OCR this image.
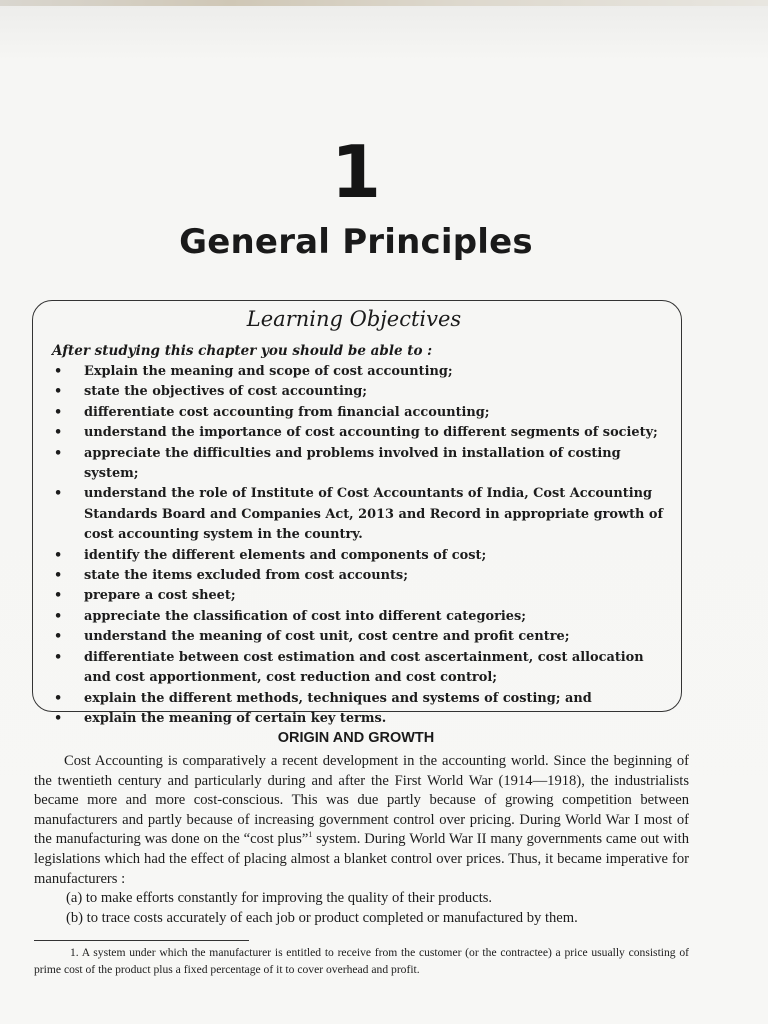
1
General Principles
Learning Objectives
After studying this chapter you should be able to :
• Explain the meaning and scope of cost accounting;
• state the objectives of cost accounting;
• differentiate cost accounting from financial accounting;
• understand the importance of cost accounting to different segments of society;
• appreciate the difficulties and problems involved in installation of costing system;
• understand the role of Institute of Cost Accountants of India, Cost Accounting Standards Board and Companies Act, 2013 and Record in appropriate growth of cost accounting system in the country.
• identify the different elements and components of cost;
• state the items excluded from cost accounts;
• prepare a cost sheet;
• appreciate the classification of cost into different categories;
• understand the meaning of cost unit, cost centre and profit centre;
• differentiate between cost estimation and cost ascertainment, cost allocation and cost apportionment, cost reduction and cost control;
• explain the different methods, techniques and systems of costing; and
• explain the meaning of certain key terms.
ORIGIN AND GROWTH

Cost Accounting is comparatively a recent development in the accounting world. Since the beginning of the twentieth century and particularly during and after the First World War (1914—1918), the industrialists became more and more cost-conscious. This was due partly because of growing competition between manufacturers and partly because of increasing government control over pricing. During World War I most of the manufacturing was done on the “cost plus”$^1$ system. During World War II many governments came out with legislations which had the effect of placing almost a blanket control over prices. Thus, it became imperative for manufacturers :

(a) to make efforts constantly for improving the quality of their products.

(b) to trace costs accurately of each job or product completed or manufactured by them.

1. A system under which the manufacturer is entitled to receive from the customer (or the contractee) a price usually consisting of prime cost of the product plus a fixed percentage of it to cover overhead and profit.
